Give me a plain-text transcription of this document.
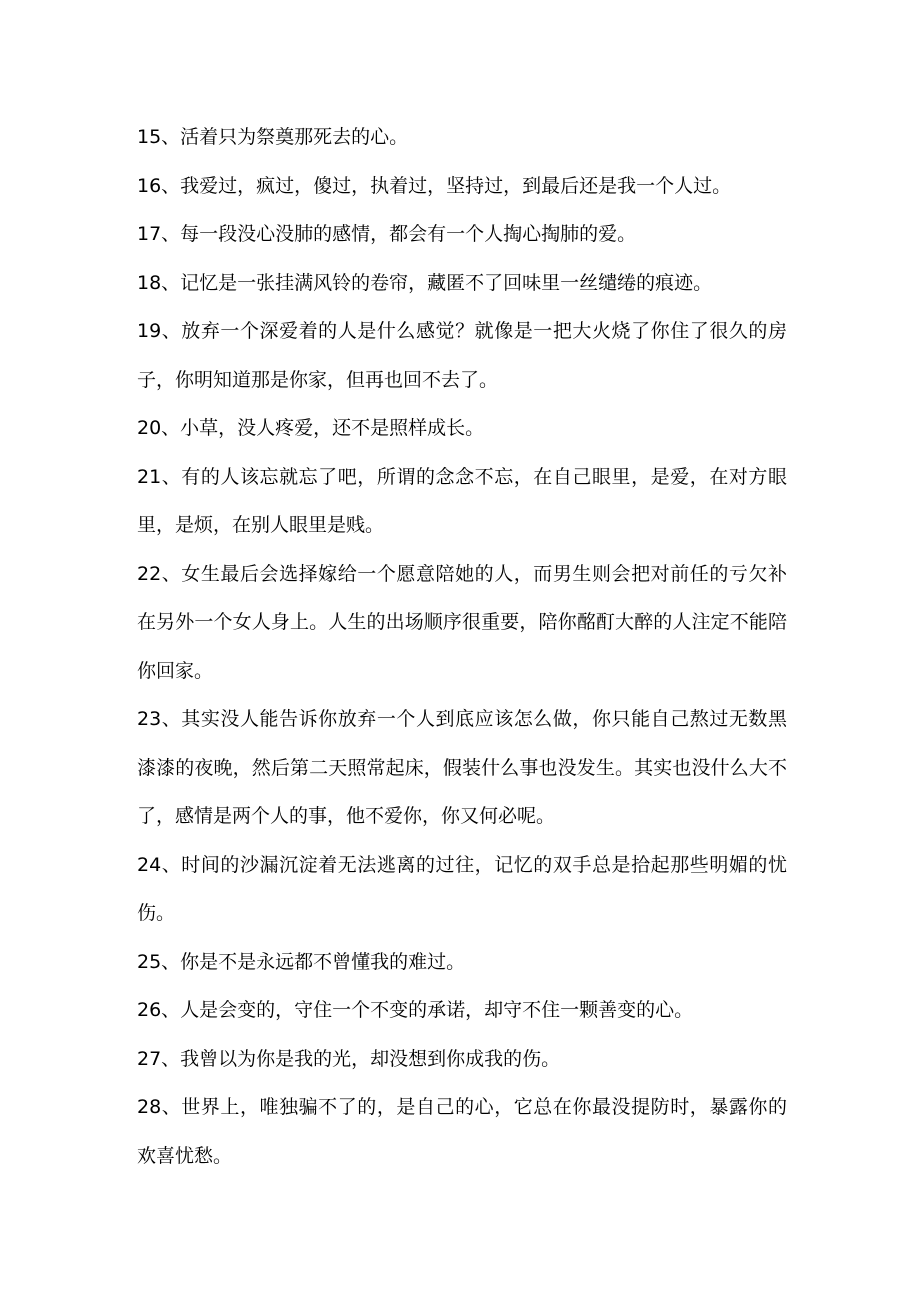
15、活着只为祭奠那死去的心。

16、我爱过，疯过，傻过，执着过，坚持过，到最后还是我一个人过。

17、每一段没心没肺的感情，都会有一个人掏心掏肺的爱。

18、记忆是一张挂满风铃的卷帘，藏匿不了回味里一丝缱绻的痕迹。

19、放弃一个深爱着的人是什么感觉？就像是一把大火烧了你住了很久的房子，你明知道那是你家，但再也回不去了。

20、小草，没人疼爱，还不是照样成长。

21、有的人该忘就忘了吧，所谓的念念不忘，在自己眼里，是爱，在对方眼里，是烦，在别人眼里是贱。

22、女生最后会选择嫁给一个愿意陪她的人，而男生则会把对前任的亏欠补在另外一个女人身上。人生的出场顺序很重要，陪你酩酊大醉的人注定不能陪你回家。

23、其实没人能告诉你放弃一个人到底应该怎么做，你只能自己熬过无数黑漆漆的夜晚，然后第二天照常起床，假装什么事也没发生。其实也没什么大不了，感情是两个人的事，他不爱你，你又何必呢。

24、时间的沙漏沉淀着无法逃离的过往，记忆的双手总是拾起那些明媚的忧伤。

25、你是不是永远都不曾懂我的难过。

26、人是会变的，守住一个不变的承诺，却守不住一颗善变的心。

27、我曾以为你是我的光，却没想到你成我的伤。

28、世界上，唯独骗不了的，是自己的心，它总在你最没提防时，暴露你的欢喜忧愁。
